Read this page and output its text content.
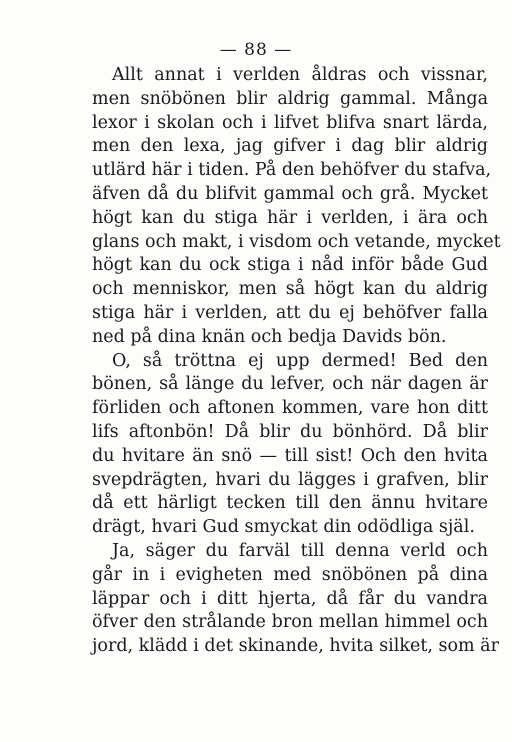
— 88 —
Allt annat i verlden åldras och vissnar,
men snöbönen blir aldrig gammal. Många
lexor i skolan och i lifvet blifva snart lärda,
men den lexa, jag gifver i dag blir aldrig
utlärd här i tiden. På den behöfver du stafva,
äfven då du blifvit gammal och grå. Mycket
högt kan du stiga här i verlden, i ära och
glans och makt, i visdom och vetande, mycket
högt kan du ock stiga i nåd inför både Gud
och menniskor, men så högt kan du aldrig
stiga här i verlden, att du ej behöfver falla
ned på dina knän och bedja Davids bön.
O, så tröttna ej upp dermed! Bed den
bönen, så länge du lefver, och när dagen är
förliden och aftonen kommen, vare hon ditt
lifs aftonbön! Då blir du bönhörd. Då blir
du hvitare än snö — till sist! Och den hvita
svepdrägten, hvari du lägges i grafven, blir
då ett härligt tecken till den ännu hvitare
drägt, hvari Gud smyckat din odödliga själ.
Ja, säger du farväl till denna verld och
går in i evigheten med snöbönen på dina
läppar och i ditt hjerta, då får du vandra
öfver den strålande bron mellan himmel och
jord, klädd i det skinande, hvita silket, som är
